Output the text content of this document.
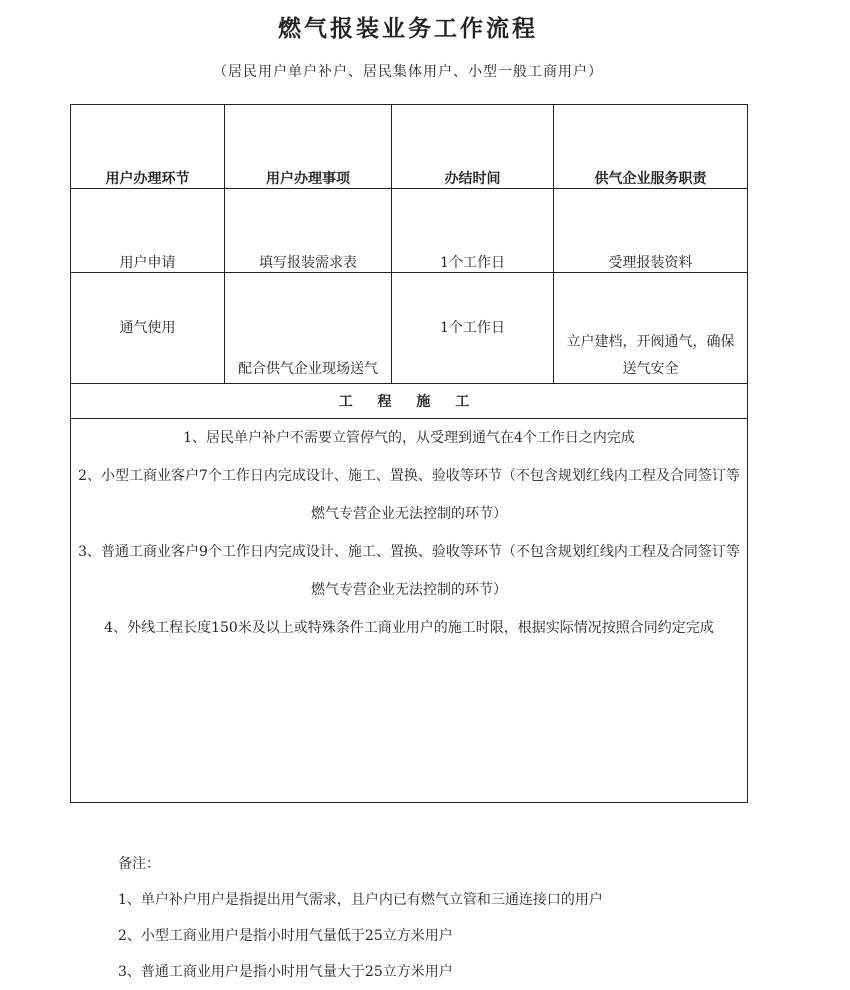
燃气报装业务工作流程
（居民用户单户补户、居民集体用户、小型一般工商用户）
用户办理环节	用户办理事项	办结时间	供气企业服务职责
用户申请	填写报装需求表	1个工作日	受理报装资料
通气使用	配合供气企业现场送气	1个工作日	立户建档，开阀通气，确保送气安全
工 程 施 工			

1、居民单户补户不需要立管停气的，从受理到通气在4个工作日之内完成

2、小型工商业客户7个工作日内完成设计、施工、置换、验收等环节（不包含规划红线内工程及合同签订等燃气专营企业无法控制的环节）

3、普通工商业客户9个工作日内完成设计、施工、置换、验收等环节（不包含规划红线内工程及合同签订等燃气专营企业无法控制的环节）

4、外线工程长度150米及以上或特殊条件工商业用户的施工时限，根据实际情况按照合同约定完成			

备注：
1、单户补户用户是指提出用气需求，且户内已有燃气立管和三通连接口的用户
2、小型工商业用户是指小时用气量低于25立方米用户
3、普通工商业用户是指小时用气量大于25立方米用户
